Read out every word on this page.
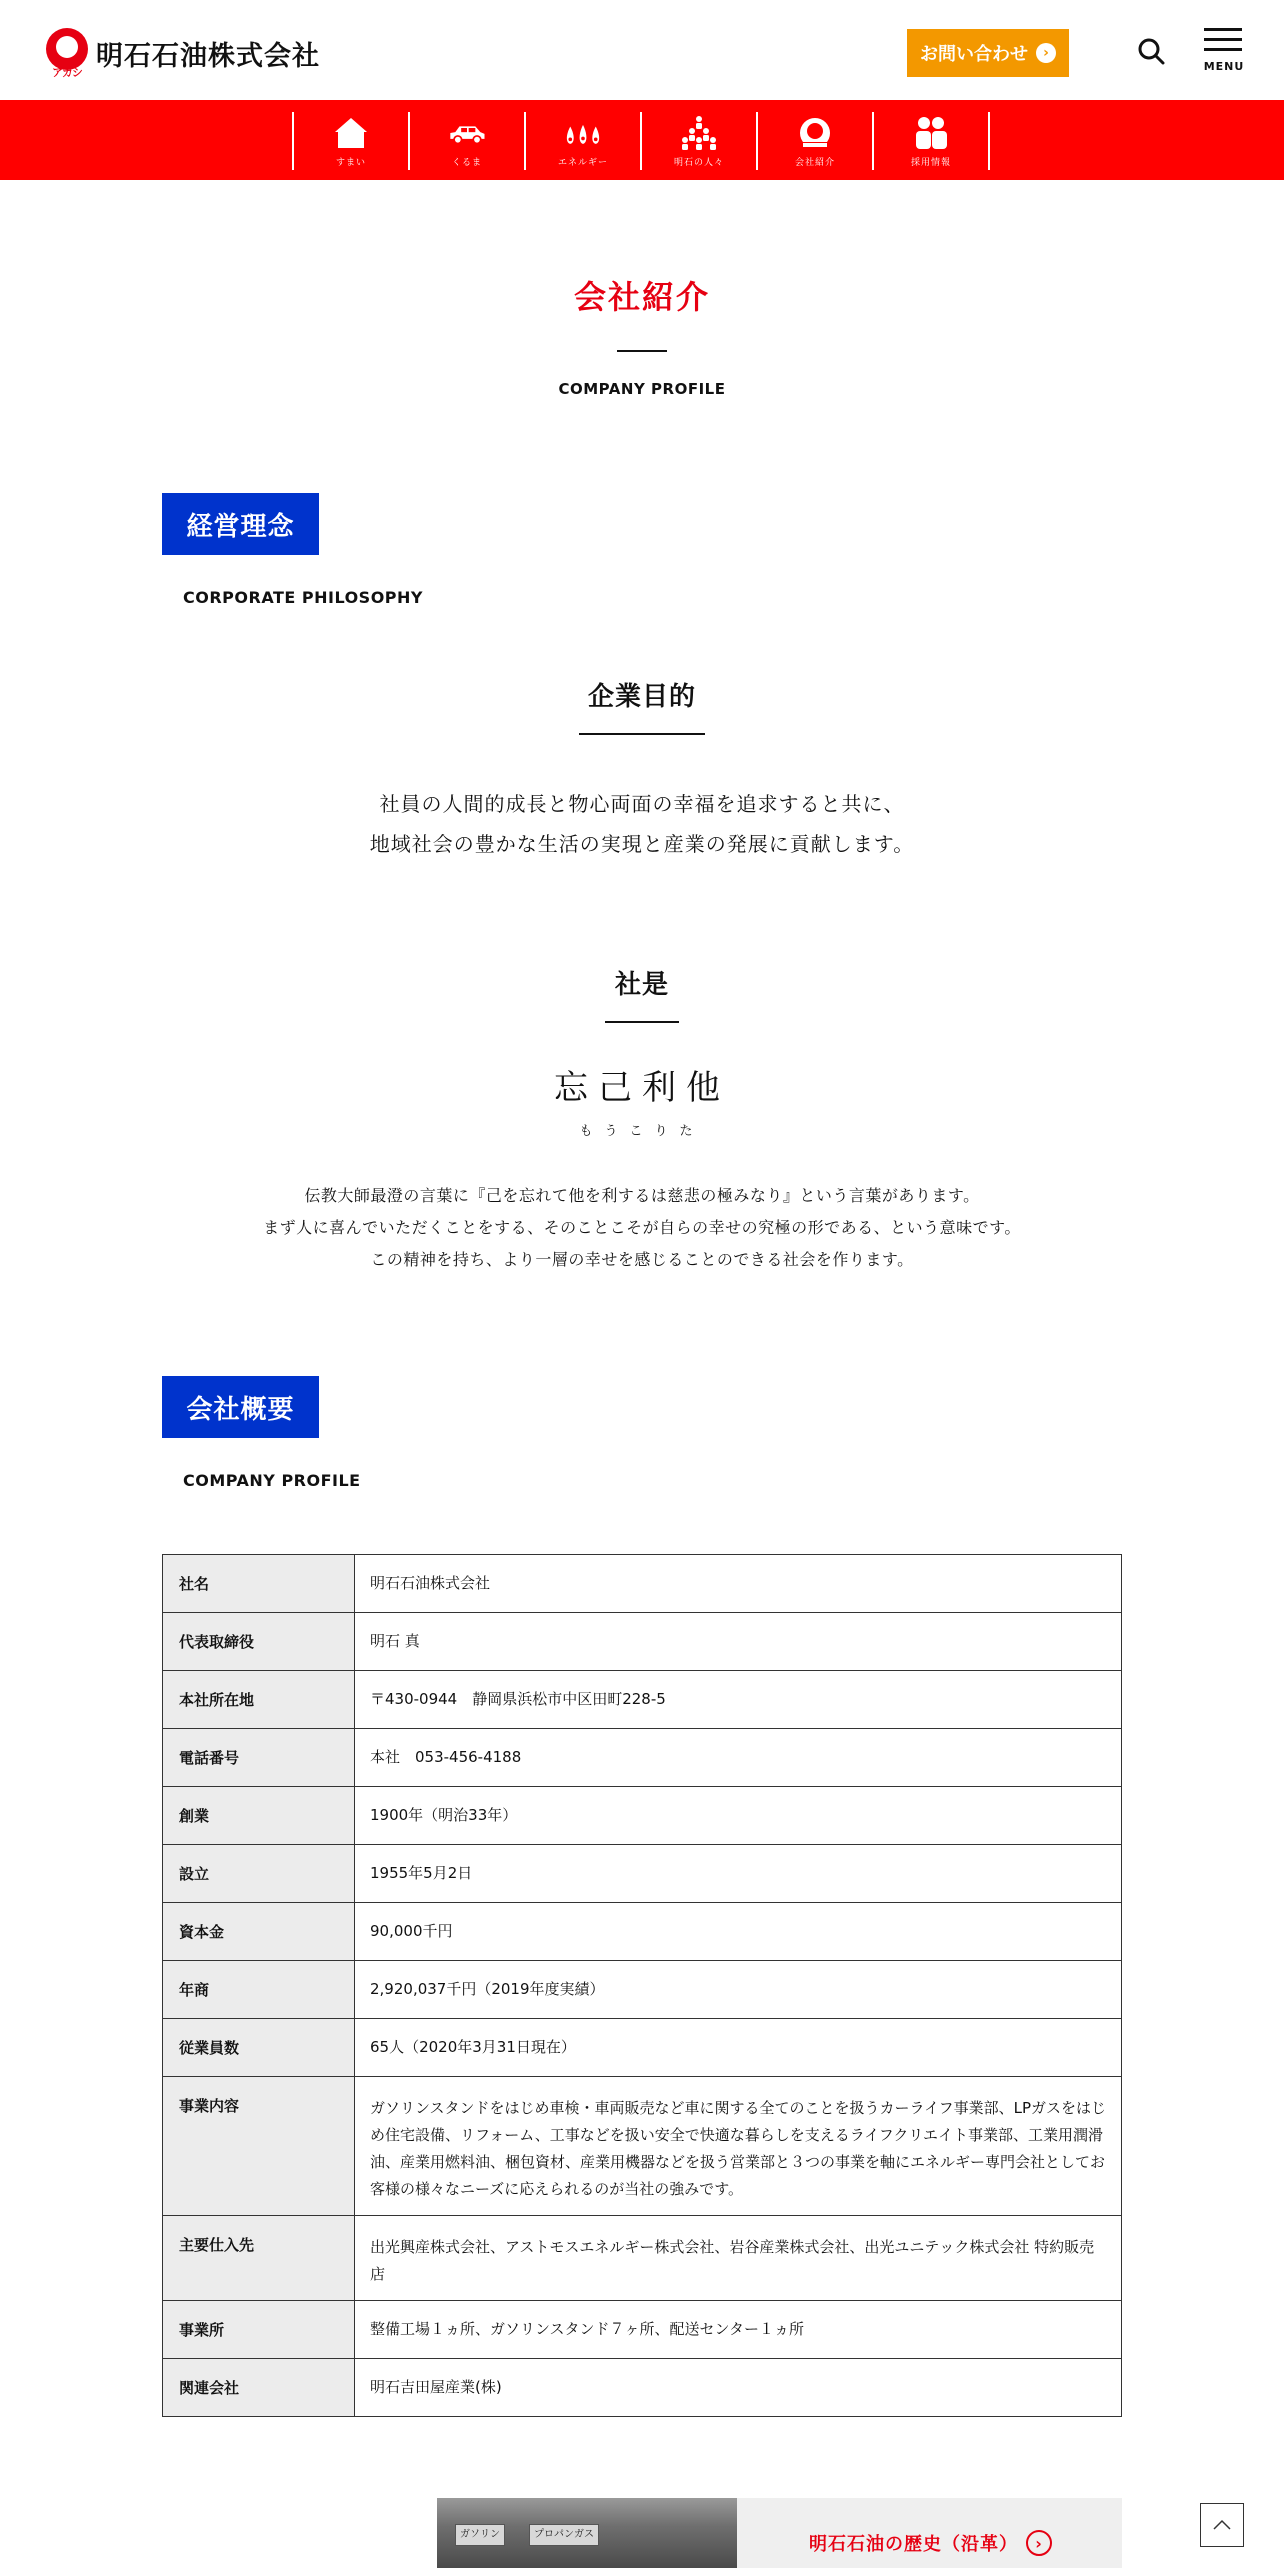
アカシ
明石石油株式会社	お問い合わせ	›
MENU
すまい	くるま	エネルギー	明石の人々	会社紹介	採用情報
会社紹介
COMPANY PROFILE
経営理念
CORPORATE PHILOSOPHY
企業目的
社員の人間的成長と物心両面の幸福を追求すると共に、
地域社会の豊かな生活の実現と産業の発展に貢献します。
社是
忘己利他
もうこりた
伝教大師最澄の言葉に『己を忘れて他を利するは慈悲の極みなり』という言葉があります。
まず人に喜んでいただくことをする、そのことこそが自らの幸せの究極の形である、という意味です。
この精神を持ち、より一層の幸せを感じることのできる社会を作ります。
会社概要
COMPANY PROFILE
社名	明石石油株式会社
代表取締役	明石 真
本社所在地	〒430-0944　静岡県浜松市中区田町228-5
電話番号	本社　053-456-4188
創業	1900年（明治33年）
設立	1955年5月2日
資本金	90,000千円
年商	2,920,037千円（2019年度実績）
従業員数	65人（2020年3月31日現在）
事業内容	ガソリンスタンドをはじめ車検・車両販売など車に関する全てのことを扱うカーライフ事業部、LPガスをはじめ住宅設備、リフォーム、工事などを扱い安全で快適な暮らしを支えるライフクリエイト事業部、工業用潤滑油、産業用燃料油、梱包資材、産業用機器などを扱う営業部と３つの事業を軸にエネルギー専門会社としてお客様の様々なニーズに応えられるのが当社の強みです。
主要仕入先	出光興産株式会社、アストモスエネルギー株式会社、岩谷産業株式会社、出光ユニテック株式会社 特約販売店
事業所	整備工場１ヵ所、ガソリンスタンド７ヶ所、配送センター１ヵ所
関連会社	明石吉田屋産業(株)
ガソリン	プロパンガス	明石石油の歴史（沿革）	›
